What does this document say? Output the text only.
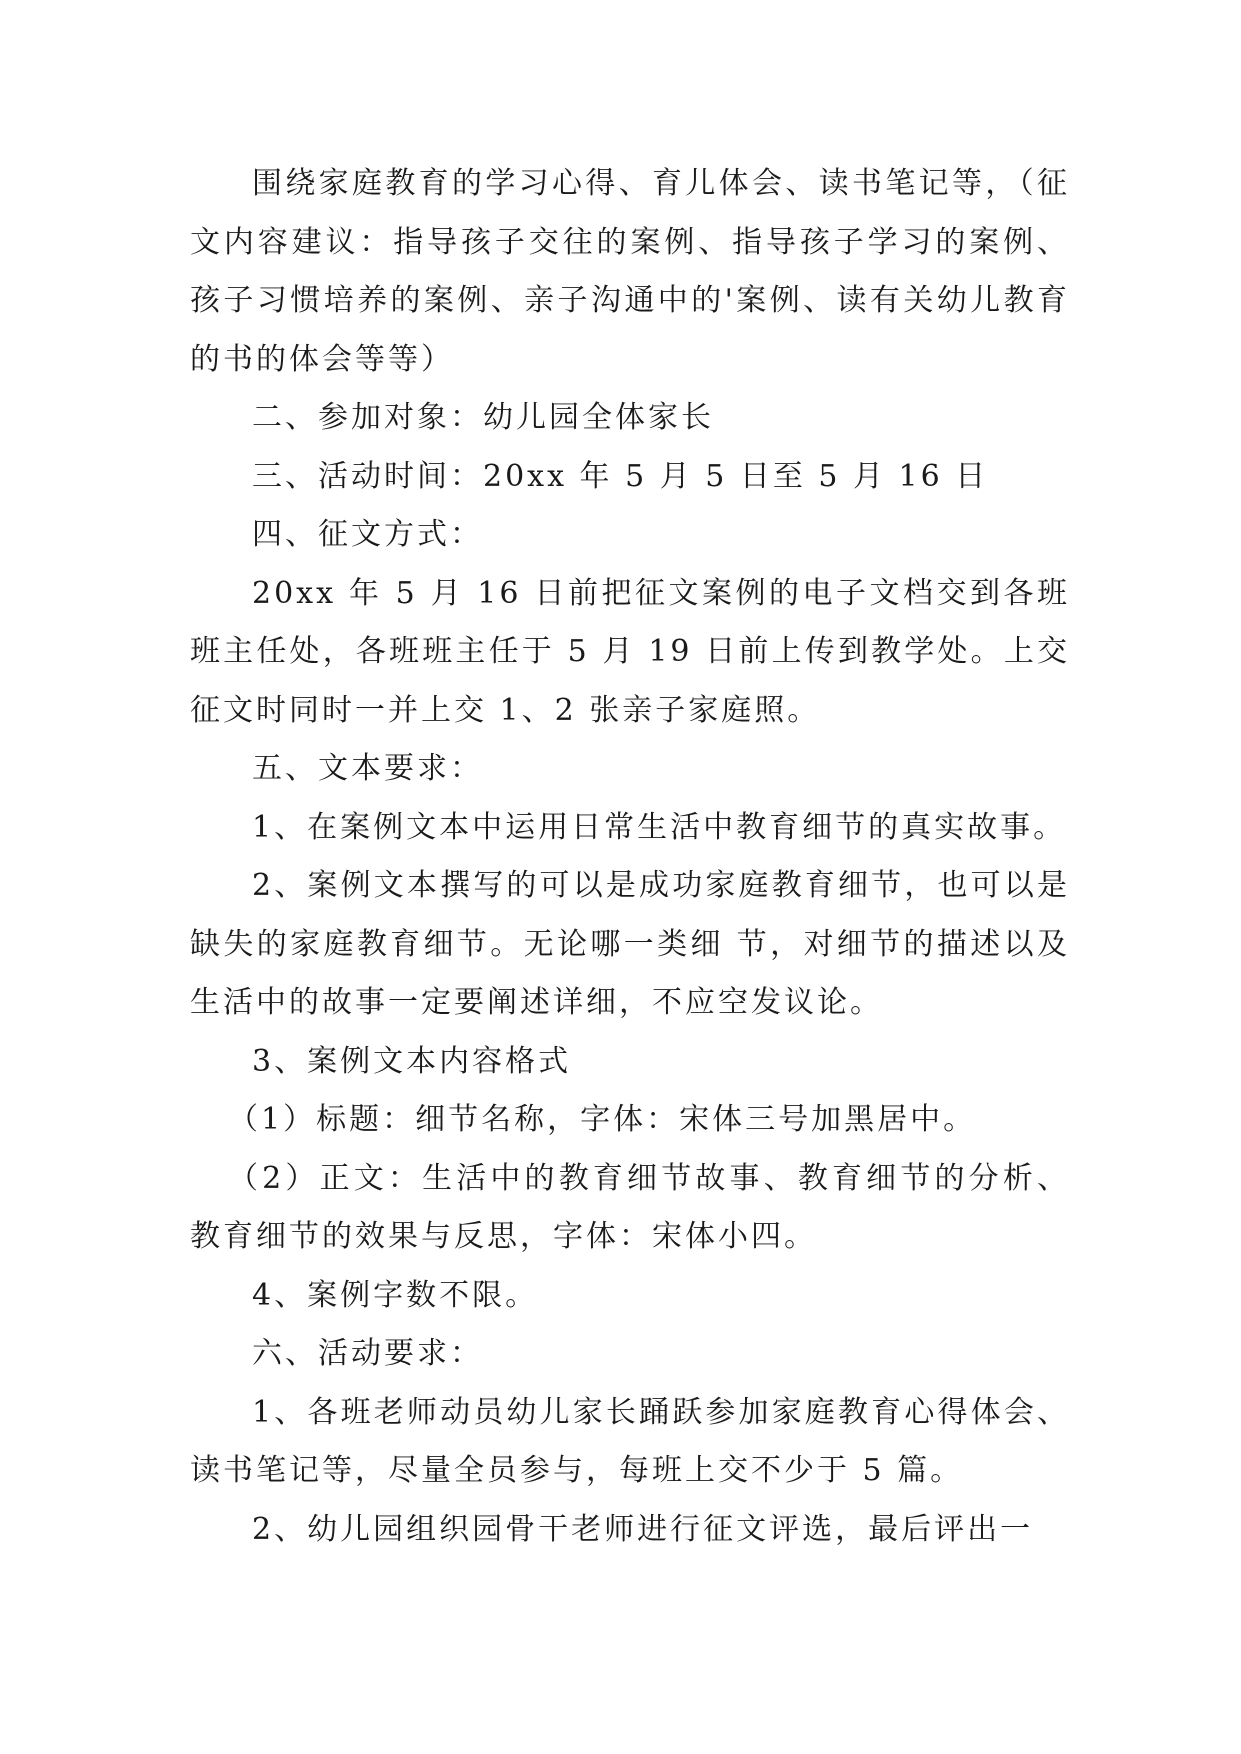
围绕家庭教育的学习心得、育儿体会、读书笔记等，（征文内容建议：指导孩子交往的案例、指导孩子学习的案例、孩子习惯培养的案例、亲子沟通中的'案例、读有关幼儿教育的书的体会等等）

二、参加对象：幼儿园全体家长

三、活动时间：20xx 年 5 月 5 日至 5 月 16 日

四、征文方式：

20xx 年 5 月 16 日前把征文案例的电子文档交到各班班主任处，各班班主任于 5 月 19 日前上传到教学处。上交征文时同时一并上交 1、2 张亲子家庭照。

五、文本要求：

1、在案例文本中运用日常生活中教育细节的真实故事。

2、案例文本撰写的可以是成功家庭教育细节，也可以是缺失的家庭教育细节。无论哪一类细 节，对细节的描述以及生活中的故事一定要阐述详细，不应空发议论。

3、案例文本内容格式

（1）标题：细节名称，字体：宋体三号加黑居中。

（2）正文：生活中的教育细节故事、教育细节的分析、教育细节的效果与反思，字体：宋体小四。

4、案例字数不限。

六、活动要求：

1、各班老师动员幼儿家长踊跃参加家庭教育心得体会、读书笔记等，尽量全员参与，每班上交不少于 5 篇。

2、幼儿园组织园骨干老师进行征文评选，最后评出一
